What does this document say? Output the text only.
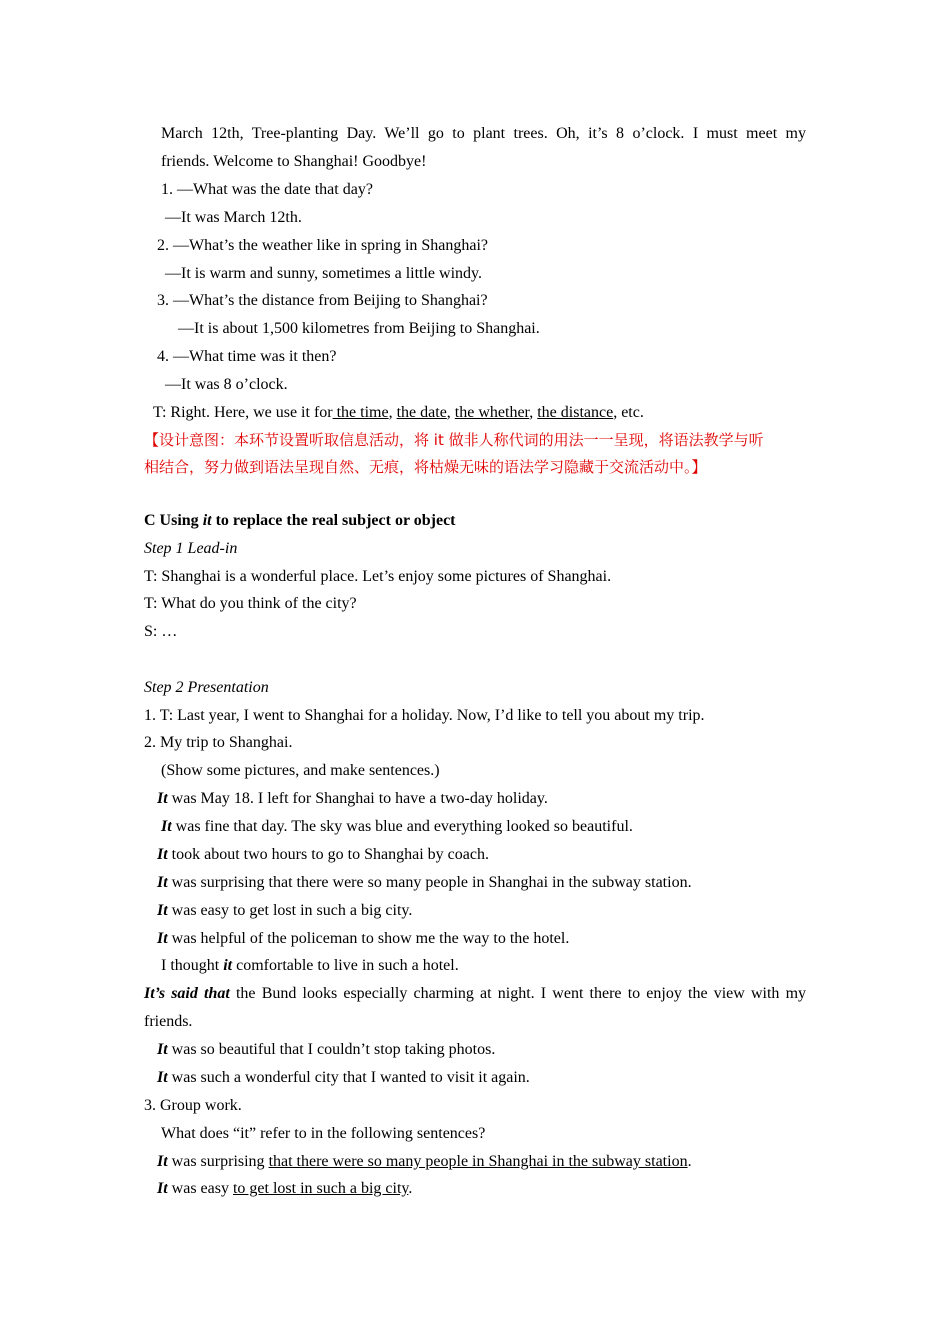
March 12th, Tree-planting Day. We’ll go to plant trees. Oh, it’s 8 o’clock. I must meet my
friends. Welcome to Shanghai! Goodbye!
1. —What was the date that day?
—It was March 12th.
2. —What’s the weather like in spring in Shanghai?
—It is warm and sunny, sometimes a little windy.
3. —What’s the distance from Beijing to Shanghai?
—It is about 1,500 kilometres from Beijing to Shanghai.
4. —What time was it then?
—It was 8 o’clock.
T: Right. Here, we use it for the time, the date, the whether, the distance, etc.
【设计意图：本环节设置听取信息活动，将 it 做非人称代词的用法一一呈现，将语法教学与听
相结合，努力做到语法呈现自然、无痕，将枯燥无味的语法学习隐藏于交流活动中。】
C Using it to replace the real subject or object
Step 1 Lead-in
T: Shanghai is a wonderful place. Let’s enjoy some pictures of Shanghai.
T: What do you think of the city?
S: …
Step 2 Presentation
1. T: Last year, I went to Shanghai for a holiday. Now, I’d like to tell you about my trip.
2. My trip to Shanghai.
(Show some pictures, and make sentences.)
It was May 18. I left for Shanghai to have a two-day holiday.
It was fine that day. The sky was blue and everything looked so beautiful.
It took about two hours to go to Shanghai by coach.
It was surprising that there were so many people in Shanghai in the subway station.
It was easy to get lost in such a big city.
It was helpful of the policeman to show me the way to the hotel.
I thought it comfortable to live in such a hotel.
It’s said that the Bund looks especially charming at night. I went there to enjoy the view with my
friends.
It was so beautiful that I couldn’t stop taking photos.
It was such a wonderful city that I wanted to visit it again.
3. Group work.
What does “it” refer to in the following sentences?
It was surprising that there were so many people in Shanghai in the subway station.
It was easy to get lost in such a big city.
